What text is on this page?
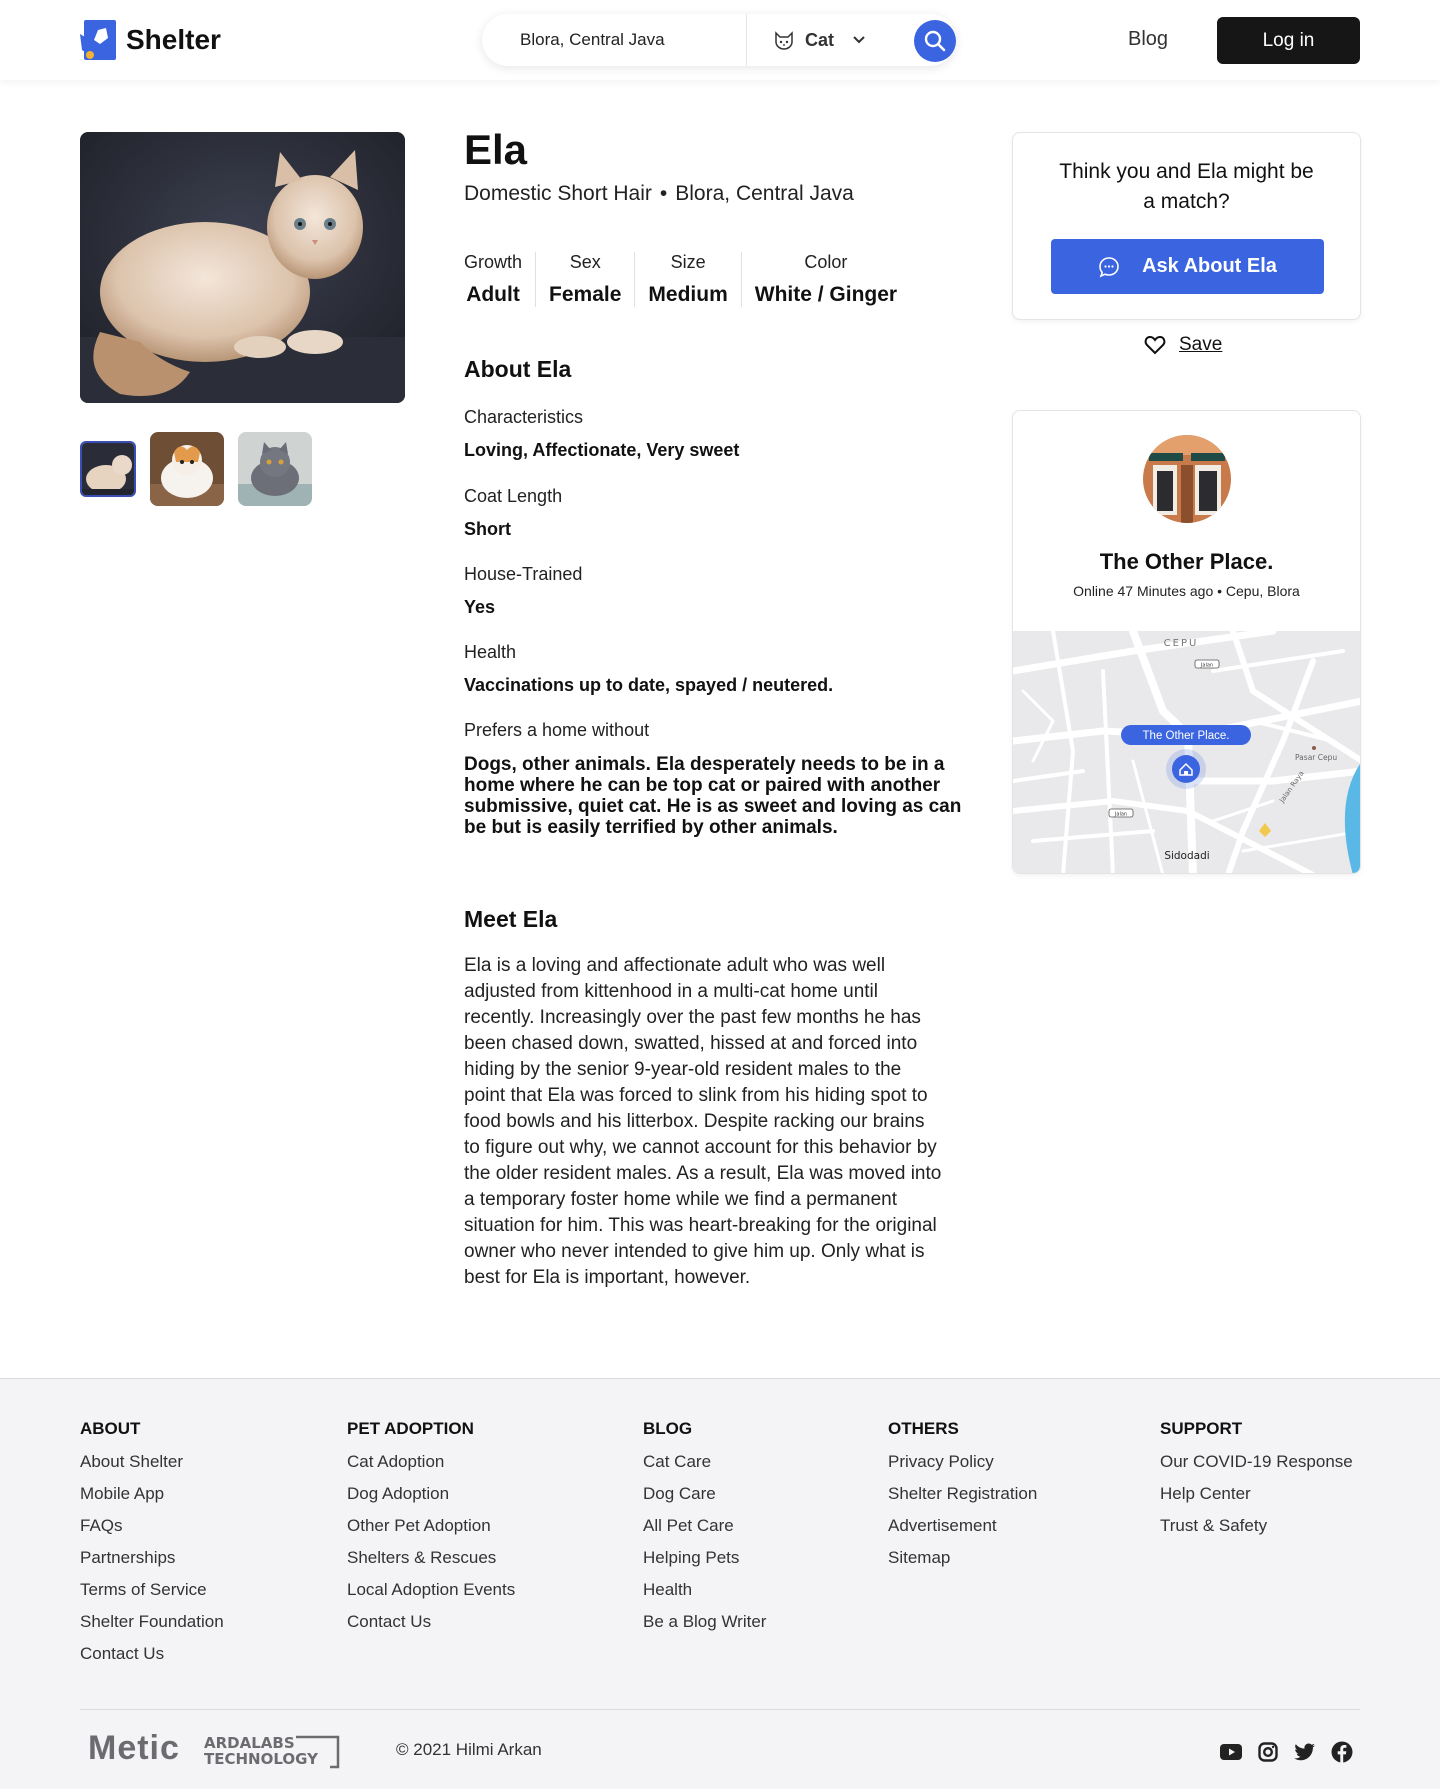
Shelter	Blora, Central Java	Cat	Blog	Log in
Ela
Domestic Short Hair • Blora, Central Java
Growth
Adult
Sex
Female
Size
Medium
Color
White / Ginger
About Ela
Characteristics
Loving, Affectionate, Very sweet
Coat Length
Short
House-Trained
Yes
Health
Vaccinations up to date, spayed / neutered.
Prefers a home without
Dogs, other animals. Ela desperately needs to be in a home where he can be top cat or paired with another submissive, quiet cat. He is as sweet and loving as can be but is easily terrified by other animals.
Meet Ela

Ela is a loving and affectionate adult who was well adjusted from kittenhood in a multi-cat home until recently. Increasingly over the past few months he has been chased down, swatted, hissed at and forced into hiding by the senior 9-year-old resident males to the point that Ela was forced to slink from his hiding spot to food bowls and his litterbox. Despite racking our brains to figure out why, we cannot account for this behavior by the older resident males. As a result, Ela was moved into a temporary foster home while we find a permanent situation for him. This was heart-breaking for the original owner who never intended to give him up. Only what is best for Ela is important, however.

Think you and Ela might be a match?
Ask About Ela
Save
The Other Place.
Online 47 Minutes ago • Cepu, Blora
CEPU
Jalan
Jalan
Pasar Cepu
Jalan Raya
Sidodadi
The Other Place.
ABOUT
About Shelter
Mobile App
FAQs
Partnerships
Terms of Service
Shelter Foundation
Contact Us
PET ADOPTION
Cat Adoption
Dog Adoption
Other Pet Adoption
Shelters & Rescues
Local Adoption Events
Contact Us
BLOG
Cat Care
Dog Care
All Pet Care
Helping Pets
Health
Be a Blog Writer
OTHERS
Privacy Policy
Shelter Registration
Advertisement
Sitemap
SUPPORT
Our COVID-19 Response
Help Center
Trust & Safety
Metic ARDALABS
TECHNOLOGY	© 2021 Hilmi Arkan
